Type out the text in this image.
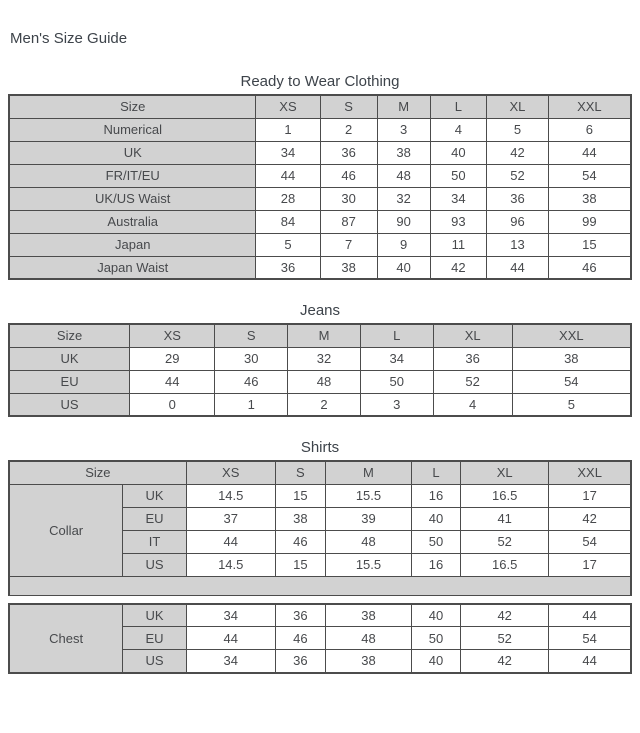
Men's Size Guide
Ready to Wear Clothing
Size	XS	S	M	L	XL	XXL
Numerical	1	2	3	4	5	6
UK	34	36	38	40	42	44
FR/IT/EU	44	46	48	50	52	54
UK/US Waist	28	30	32	34	36	38
Australia	84	87	90	93	96	99
Japan	5	7	9	11	13	15
Japan Waist	36	38	40	42	44	46
Jeans
Size	XS	S	M	L	XL	XXL
UK	29	30	32	34	36	38
EU	44	46	48	50	52	54
US	0	1	2	3	4	5
Shirts
Size		XS	S	M	L	XL	XXL
Collar	UK	14.5	15	15.5	16	16.5	17
	EU	37	38	39	40	41	42
	IT	44	46	48	50	52	54
	US	14.5	15	15.5	16	16.5	17
Chest	UK	34	36	38	40	42	44
	EU	44	46	48	50	52	54
	US	34	36	38	40	42	44
